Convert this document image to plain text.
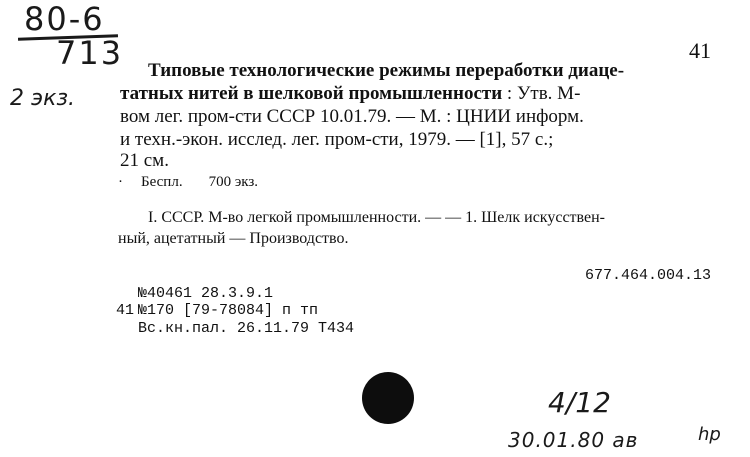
80-6
713
2 экз.
41
Типовые технологические режимы переработки диаце-
татных нитей в шелковой промышленности : Утв. М-
вом лег. пром-сти СССР 10.01.79. — М. : ЦНИИ информ.
и техн.-экон. исслед. лег. пром-сти, 1979. — [1], 57 с.;
21 см.
· Беспл. 700 экз.
I. СССР. М-во легкой промышленности. — — 1. Шелк искусствен-
ный, ацетатный — Производство.
677.464.004.13
№40461 28.3.9.1
41 №170 [79-78084] п тп
Вс.кн.пал. 26.11.79 Т434
4/12
30.01.80 ав	hp
